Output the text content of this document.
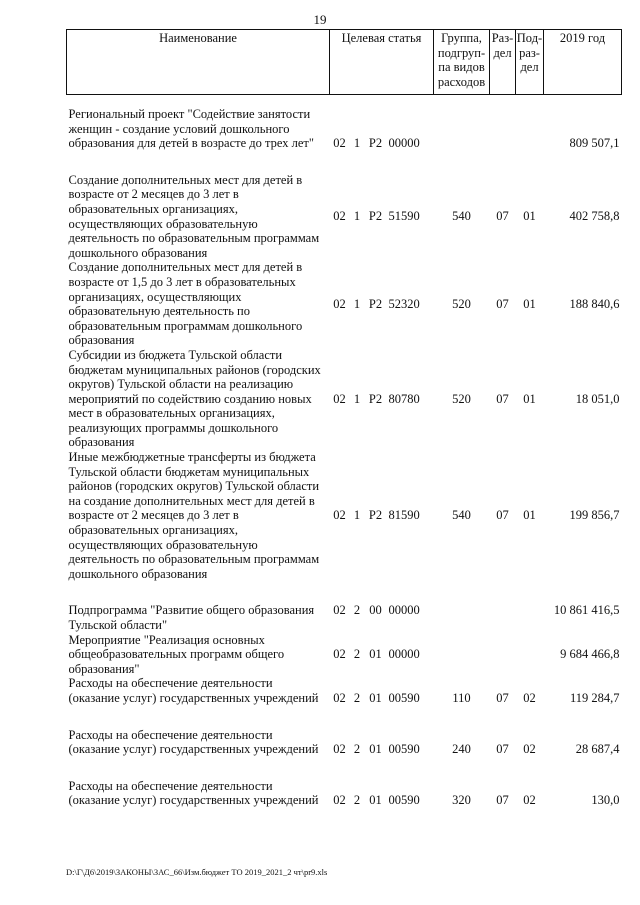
19
Наименование	Целевая статья				Группа, подгруп-па видов расходов	Раз-дел	Под-раз-дел	2019 год
Региональный проект "Содействие занятости женщин - создание условий дошкольного образования для детей в возрасте до трех лет"	02	1	P2	00000				809 507,1
Создание дополнительных мест для детей в возрасте от 2 месяцев до 3 лет в образовательных организациях, осуществляющих образовательную деятельность по образовательным программам дошкольного образования	02	1	P2	51590	540	07	01	402 758,8
Создание дополнительных мест для детей в возрасте от 1,5 до 3 лет в образовательных организациях, осуществляющих образовательную деятельность по образовательным программам дошкольного образования	02	1	P2	52320	520	07	01	188 840,6
Субсидии из бюджета Тульской области бюджетам муниципальных районов (городских округов) Тульской области на реализацию мероприятий по содействию созданию новых мест в образовательных организациях, реализующих программы дошкольного образования	02	1	P2	80780	520	07	01	18 051,0
Иные межбюджетные трансферты из бюджета Тульской области бюджетам муниципальных районов (городских округов) Тульской области на создание дополнительных мест для детей в возрасте от 2 месяцев до 3 лет в образовательных организациях, осуществляющих образовательную деятельность по образовательным программам дошкольного образования	02	1	P2	81590	540	07	01	199 856,7
Подпрограмма "Развитие общего образования Тульской области"	02	2	00	00000				10 861 416,5
Мероприятие "Реализация основных общеобразовательных программ общего образования"	02	2	01	00000				9 684 466,8
Расходы на обеспечение деятельности (оказание услуг) государственных учреждений	02	2	01	00590	110	07	02	119 284,7
Расходы на обеспечение деятельности (оказание услуг) государственных учреждений	02	2	01	00590	240	07	02	28 687,4
Расходы на обеспечение деятельности (оказание услуг) государственных учреждений	02	2	01	00590	320	07	02	130,0
D:\Г\Д6\2019\ЗАКОНЫ\ЗАС_66\Изм.бюджет ТО 2019_2021_2 чт\pr9.xls
